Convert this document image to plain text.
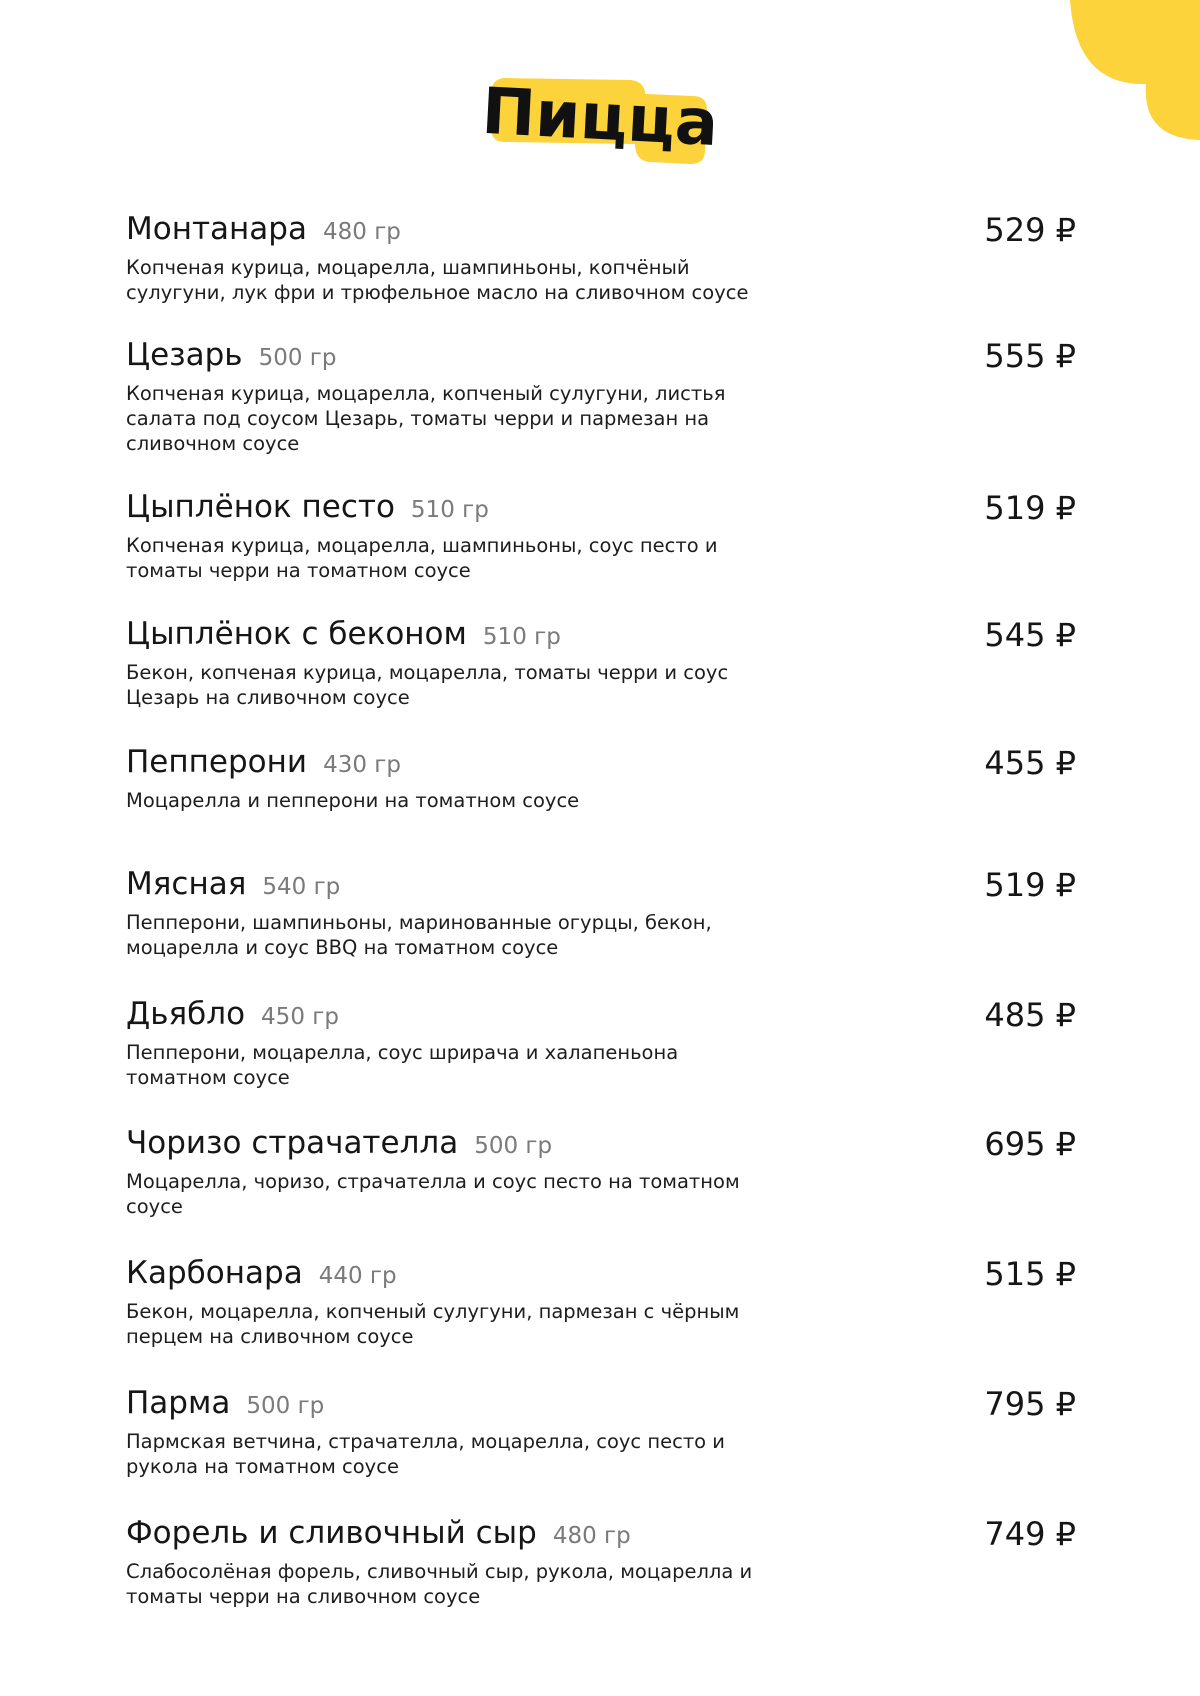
Пицца
Монтанара 480 гр	529 ₽
Копченая курица, моцарелла, шампиньоны, копчёный сулугуни, лук фри и трюфельное масло на сливочном соусе
Цезарь 500 гр	555 ₽
Копченая курица, моцарелла, копченый сулугуни, листья салата под соусом Цезарь, томаты черри и пармезан на сливочном соусе
Цыплёнок песто 510 гр	519 ₽
Копченая курица, моцарелла, шампиньоны, соус песто и томаты черри на томатном соусе
Цыплёнок с беконом 510 гр	545 ₽
Бекон, копченая курица, моцарелла, томаты черри и соус Цезарь на сливочном соусе
Пепперони 430 гр	455 ₽
Моцарелла и пепперони на томатном соусе
Мясная 540 гр	519 ₽
Пепперони, шампиньоны, маринованные огурцы, бекон, моцарелла и соус BBQ на томатном соусе
Дьябло 450 гр	485 ₽
Пепперони, моцарелла, соус шрирача и халапеньона томатном соусе
Чоризо страчателла 500 гр	695 ₽
Моцарелла, чоризо, страчателла и соус песто на томатном соусе
Карбонара 440 гр	515 ₽
Бекон, моцарелла, копченый сулугуни, пармезан с чёрным перцем на сливочном соусе
Парма 500 гр	795 ₽
Пармская ветчина, страчателла, моцарелла, соус песто и рукола на томатном соусе
Форель и сливочный сыр 480 гр	749 ₽
Слабосолёная форель, сливочный сыр, рукола, моцарелла и томаты черри на сливочном соусе
